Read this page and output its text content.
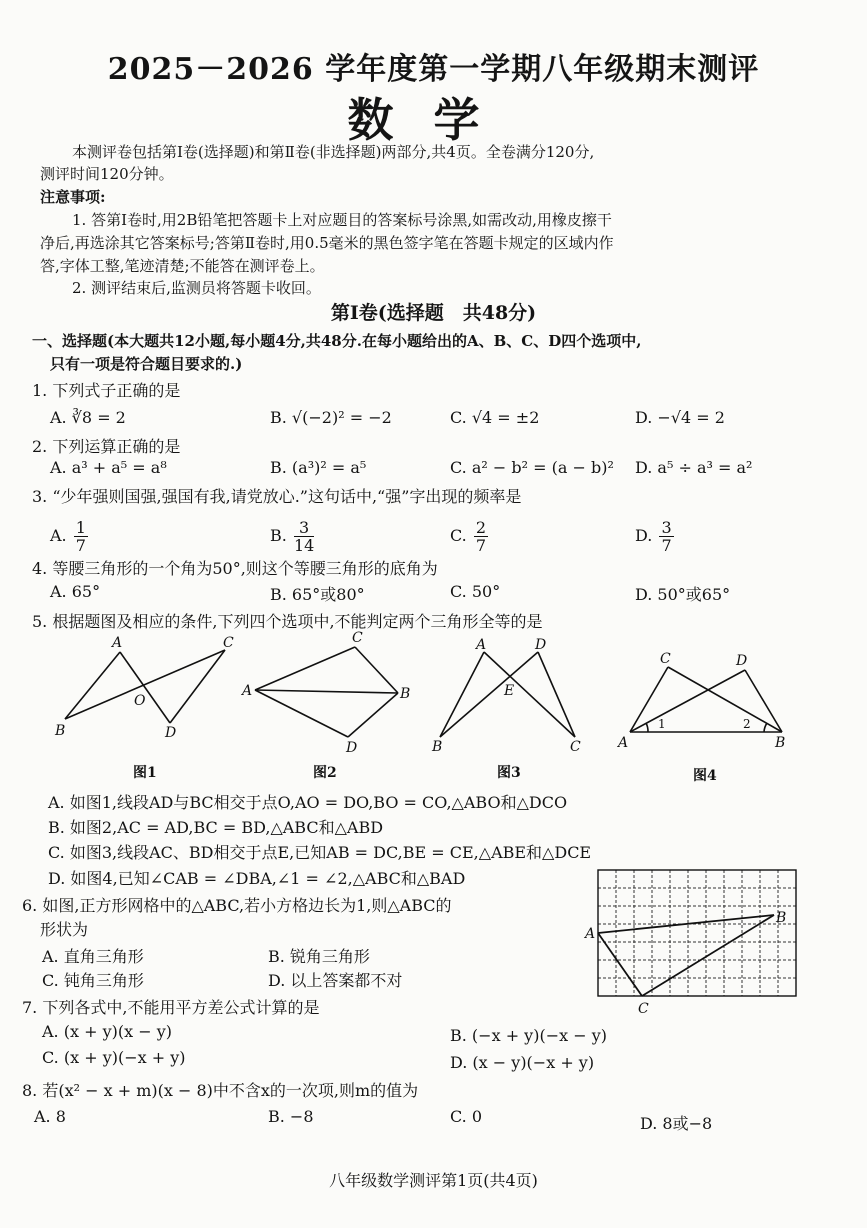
2025－2026 学年度第一学期八年级期末测评
数学
本测评卷包括第Ⅰ卷(选择题)和第Ⅱ卷(非选择题)两部分,共4页。全卷满分120分,
测评时间120分钟。
注意事项:
1. 答第Ⅰ卷时,用2B铅笔把答题卡上对应题目的答案标号涂黑,如需改动,用橡皮擦干
净后,再选涂其它答案标号;答第Ⅱ卷时,用0.5毫米的黑色签字笔在答题卡规定的区域内作
答,字体工整,笔迹清楚;不能答在测评卷上。
2. 测评结束后,监测员将答题卡收回。
第Ⅰ卷(选择题　共48分)
一、选择题(本大题共12小题,每小题4分,共48分.在每小题给出的A、B、C、D四个选项中,
只有一项是符合题目要求的.)
1. 下列式子正确的是
A. ∛8 = 2	B. √(−2)² = −2	C. √4 = ±2	D. −√4 = 2
2. 下列运算正确的是
A. a³ + a⁵ = a⁸	B. (a³)² = a⁵	C. a² − b² = (a − b)² D. a⁵ ÷ a³ = a²
3. “少年强则国强,强国有我,请党放心.”这句话中,“强”字出现的频率是
A. $\frac{1}{7}$	B. $\frac{3}{14}$	C. $\frac{2}{7}$	D. $\frac{3}{7}$
4. 等腰三角形的一个角为50°,则这个等腰三角形的底角为
A. 65°	B. 65°或80°	C. 50°	D. 50°或65°
5. 根据题图及相应的条件,下列四个选项中,不能判定两个三角形全等的是
A
B
C
D
O
图1
A	B
C
D
图2
A
B	C
D
E
图3
A	B
C	D
1	2
图4
A. 如图1,线段AD与BC相交于点O,AO = DO,BO = CO,△ABO和△DCO
B. 如图2,AC = AD,BC = BD,△ABC和△ABD
C. 如图3,线段AC、BD相交于点E,已知AB = DC,BE = CE,△ABE和△DCE
D. 如图4,已知∠CAB = ∠DBA,∠1 = ∠2,△ABC和△BAD
6. 如图,正方形网格中的△ABC,若小方格边长为1,则△ABC的
形状为
A. 直角三角形	B. 锐角三角形
C. 钝角三角形	D. 以上答案都不对
A
B
C
7. 下列各式中,不能用平方差公式计算的是
A. (x + y)(x − y)	B. (−x + y)(−x − y)
C. (x + y)(−x + y)	D. (x − y)(−x + y)
8. 若(x² − x + m)(x − 8)中不含x的一次项,则m的值为
A. 8	B. −8	C. 0	D. 8或−8
八年级数学测评第1页(共4页)
